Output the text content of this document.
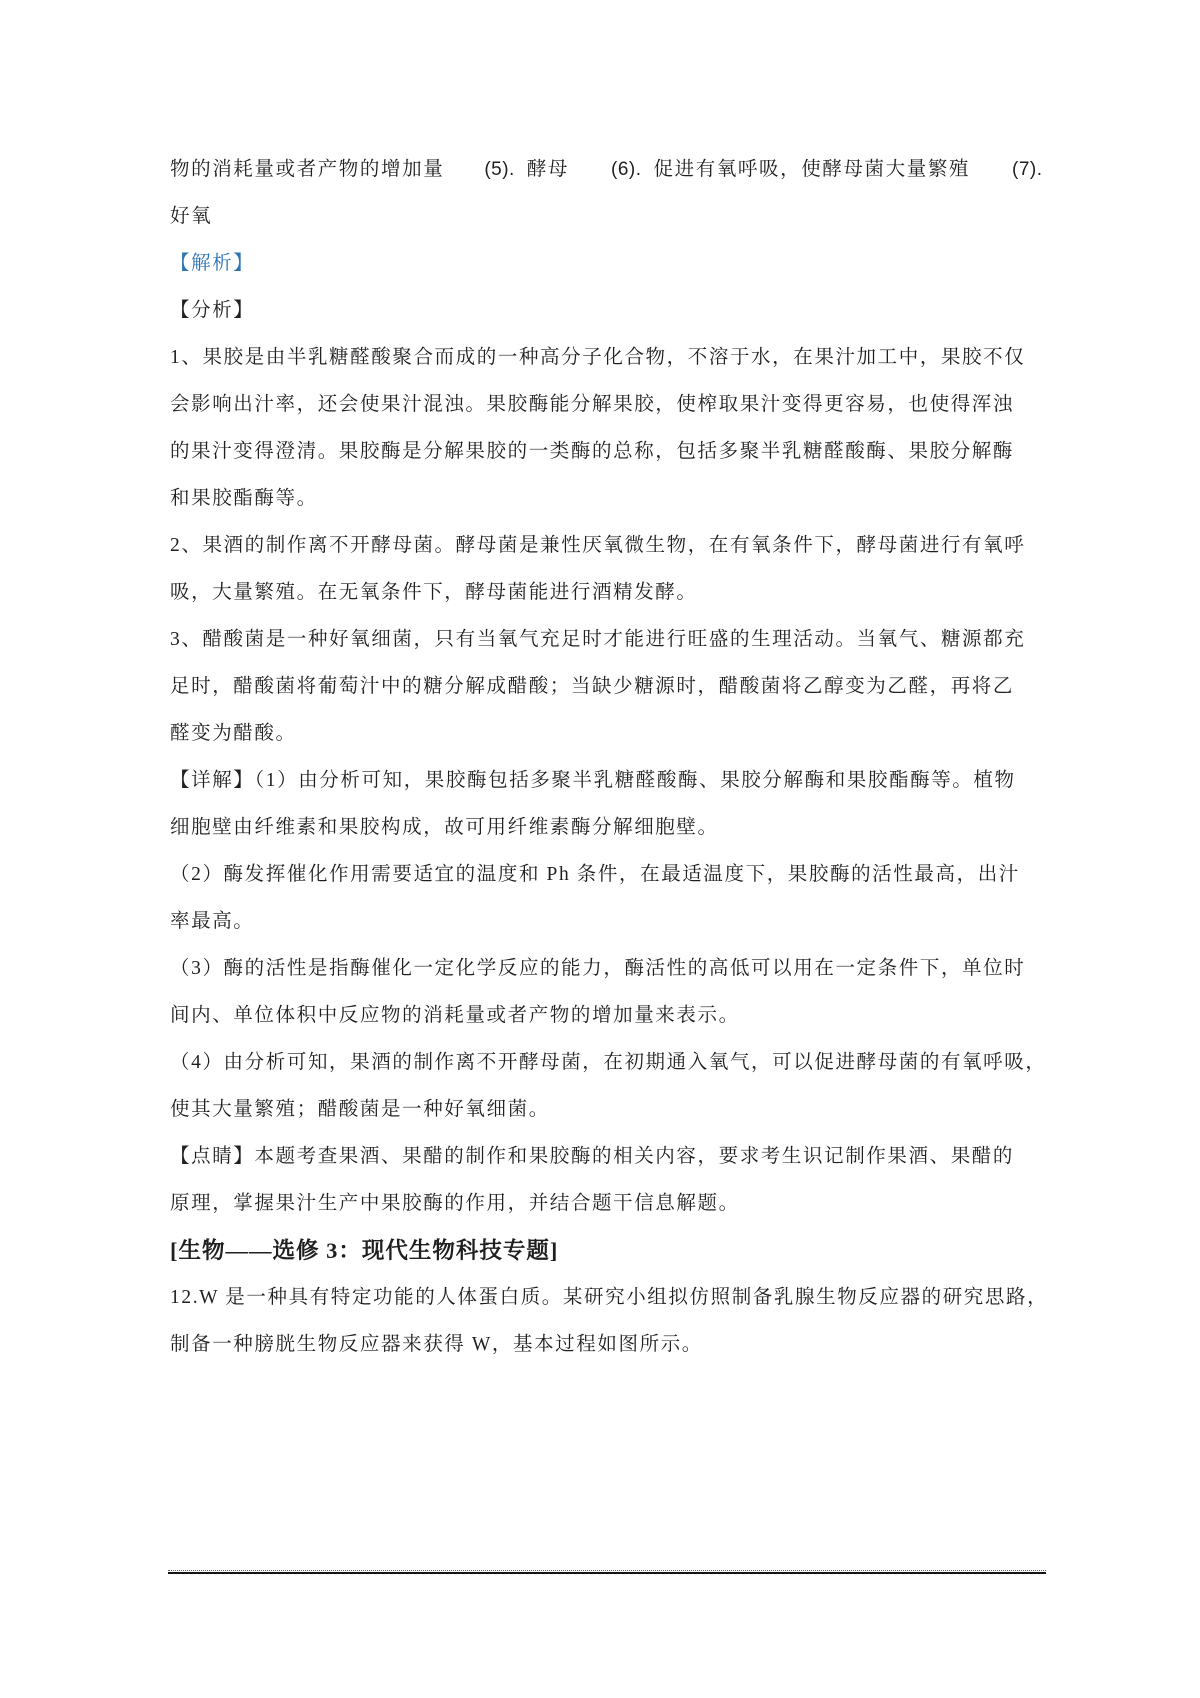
物的消耗量或者产物的增加量 (5). 酵母 (6). 促进有氧呼吸，使酵母菌大量繁殖 (7).
好氧
【解析】
【分析】
1、果胶是由半乳糖醛酸聚合而成的一种高分子化合物，不溶于水，在果汁加工中，果胶不仅
会影响出汁率，还会使果汁混浊。果胶酶能分解果胶，使榨取果汁变得更容易，也使得浑浊
的果汁变得澄清。果胶酶是分解果胶的一类酶的总称，包括多聚半乳糖醛酸酶、果胶分解酶
和果胶酯酶等。
2、果酒的制作离不开酵母菌。酵母菌是兼性厌氧微生物，在有氧条件下，酵母菌进行有氧呼
吸，大量繁殖。在无氧条件下，酵母菌能进行酒精发酵。
3、醋酸菌是一种好氧细菌，只有当氧气充足时才能进行旺盛的生理活动。当氧气、糖源都充
足时，醋酸菌将葡萄汁中的糖分解成醋酸；当缺少糖源时，醋酸菌将乙醇变为乙醛，再将乙
醛变为醋酸。
【详解】（1）由分析可知，果胶酶包括多聚半乳糖醛酸酶、果胶分解酶和果胶酯酶等。植物
细胞壁由纤维素和果胶构成，故可用纤维素酶分解细胞壁。
（2）酶发挥催化作用需要适宜的温度和 Ph 条件，在最适温度下，果胶酶的活性最高，出汁
率最高。
（3）酶的活性是指酶催化一定化学反应的能力，酶活性的高低可以用在一定条件下，单位时
间内、单位体积中反应物的消耗量或者产物的增加量来表示。
（4）由分析可知，果酒的制作离不开酵母菌，在初期通入氧气，可以促进酵母菌的有氧呼吸，
使其大量繁殖；醋酸菌是一种好氧细菌。
【点睛】本题考查果酒、果醋的制作和果胶酶的相关内容，要求考生识记制作果酒、果醋的
原理，掌握果汁生产中果胶酶的作用，并结合题干信息解题。
[生物——选修 3：现代生物科技专题]
12.W 是一种具有特定功能的人体蛋白质。某研究小组拟仿照制备乳腺生物反应器的研究思路，
制备一种膀胱生物反应器来获得 W，基本过程如图所示。
